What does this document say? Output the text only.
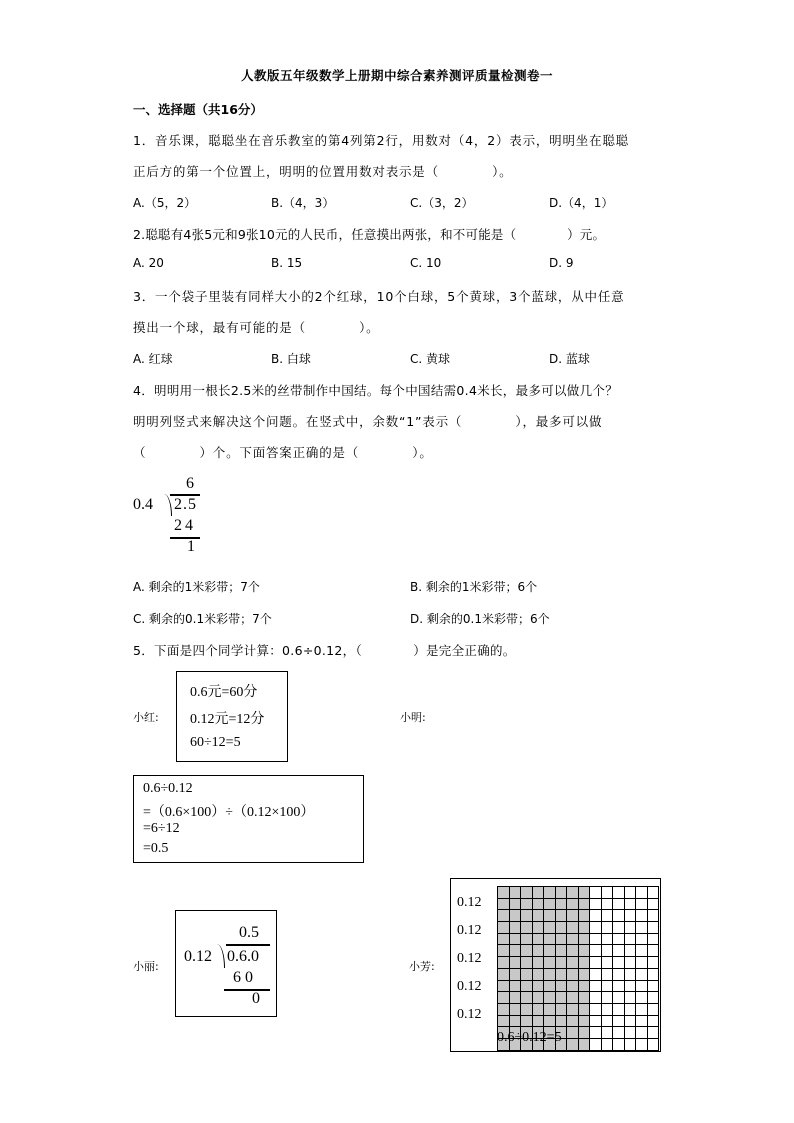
人教版五年级数学上册期中综合素养测评质量检测卷一
一、选择题（共16分）
1．音乐课，聪聪坐在音乐教室的第4列第2行，用数对（4，2）表示，明明坐在聪聪
正后方的第一个位置上，明明的位置用数对表示是（　　　　）。
A.（5，2）	B.（4，3）	C.（3，2）	D.（4，1）
2.聪聪有4张5元和9张10元的人民币，任意摸出两张，和不可能是（　　　　）元。
A. 20	B. 15	C. 10	D. 9
3．一个袋子里装有同样大小的2个红球，10个白球，5个黄球，3个蓝球，从中任意
摸出一个球，最有可能的是（　　　　）。
A. 红球	B. 白球	C. 黄球	D. 蓝球
4．明明用一根长2.5米的丝带制作中国结。每个中国结需0.4米长，最多可以做几个？
明明列竖式来解决这个问题。在竖式中，余数“1”表示（　　　　），最多可以做
（　　　　）个。下面答案正确的是（　　　　）。
6
0.4 2.5
24
1
A. 剩余的1米彩带；7个	B. 剩余的1米彩带；6个
C. 剩余的0.1米彩带；7个	D. 剩余的0.1米彩带；6个
5．下面是四个同学计算：0.6÷0.12，（　　　　）是完全正确的。
小红:
0.6元=60分
0.12元=12分
60÷12=5
小明:
0.6÷0.12
=（0.6×100）÷（0.12×100）
=6÷12
=0.5
小丽:
0.5
0.12 0.6.0
6 0
0
小芳:
0.12
0.12
0.12
0.12
0.12

0.6÷0.12=5
